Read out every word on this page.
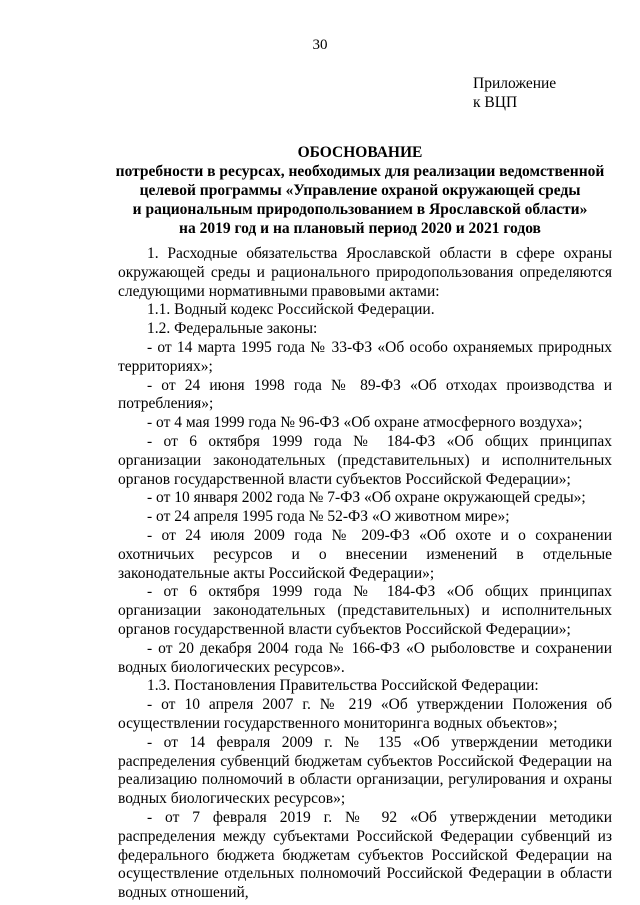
30
Приложение
к ВЦП
ОБОСНОВАНИЕ
потребности в ресурсах, необходимых для реализации ведомственной
целевой программы «Управление охраной окружающей среды
и рациональным природопользованием в Ярославской области»
на 2019 год и на плановый период 2020 и 2021 годов

1. Расходные обязательства Ярославской области в сфере охраны окружающей среды и рационального природопользования определяются следующими нормативными правовыми актами:

1.1. Водный кодекс Российской Федерации.

1.2. Федеральные законы:

- от 14 марта 1995 года № 33-ФЗ «Об особо охраняемых природных территориях»;

- от 24 июня 1998 года № 89-ФЗ «Об отходах производства и потребления»;

- от 4 мая 1999 года № 96-ФЗ «Об охране атмосферного воздуха»;

- от 6 октября 1999 года № 184-ФЗ «Об общих принципах организации законодательных (представительных) и исполнительных органов государственной власти субъектов Российской Федерации»;

- от 10 января 2002 года № 7-ФЗ «Об охране окружающей среды»;

- от 24 апреля 1995 года № 52-ФЗ «О животном мире»;

- от 24 июля 2009 года № 209-ФЗ «Об охоте и о сохранении охотничьих ресурсов и о внесении изменений в отдельные законодательные акты Российской Федерации»;

- от 6 октября 1999 года № 184-ФЗ «Об общих принципах организации законодательных (представительных) и исполнительных органов государственной власти субъектов Российской Федерации»;

- от 20 декабря 2004 года № 166-ФЗ «О рыболовстве и сохранении водных биологических ресурсов».

1.3. Постановления Правительства Российской Федерации:

- от 10 апреля 2007 г. № 219 «Об утверждении Положения об осуществлении государственного мониторинга водных объектов»;

- от 14 февраля 2009 г. № 135 «Об утверждении методики распределения субвенций бюджетам субъектов Российской Федерации на реализацию полномочий в области организации, регулирования и охраны водных биологических ресурсов»;

- от 7 февраля 2019 г. № 92 «Об утверждении методики распределения между субъектами Российской Федерации субвенций из федерального бюджета бюджетам субъектов Российской Федерации на осуществление отдельных полномочий Российской Федерации в области водных отношений,
